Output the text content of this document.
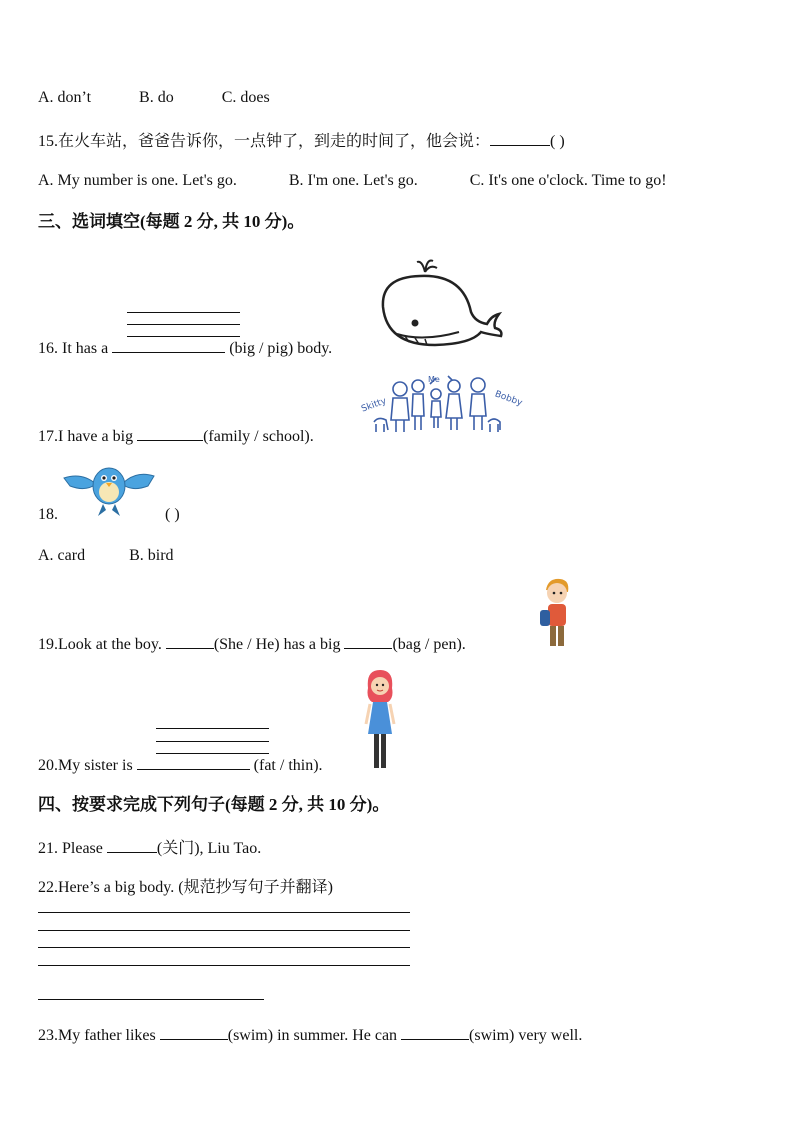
A. don’t	B. do	C. does
15.在火车站，爸爸告诉你，一点钟了，到走的时间了，他会说：	( )
A. My number is one. Let's go.	B. I'm one. Let's go.	C. It's one o'clock. Time to go!
三、选词填空(每题 2 分, 共 10 分)。
16. It has a	(big / pig) body.
17.I have a big	(family / school).
Skitty
Me
Bobby
18.	( )
A. card	B. bird
19.Look at the boy.	(She / He) has a big	(bag / pen).
20.My sister is	(fat / thin).
四、按要求完成下列句子(每题 2 分, 共 10 分)。
21. Please	(关门), Liu Tao.
22.Here’s a big body. (规范抄写句子并翻译)
23.My father likes	(swim) in summer. He can	(swim) very well.
